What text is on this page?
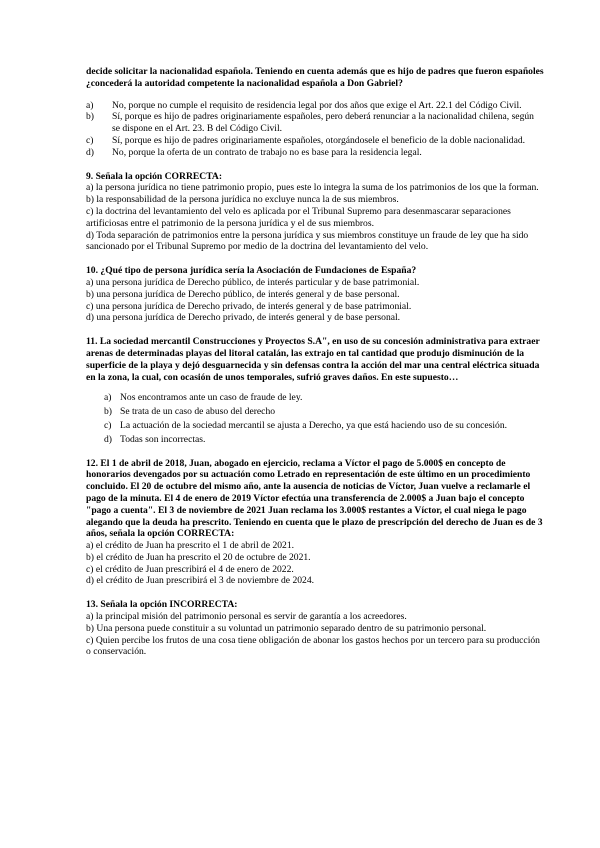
decide solicitar la nacionalidad española. Teniendo en cuenta además que es hijo de padres que fueron españoles ¿concederá la autoridad competente la nacionalidad española a Don Gabriel?

a)	No, porque no cumple el requisito de residencia legal por dos años que exige el Art. 22.1 del Código Civil.
b)	Sí, porque es hijo de padres originariamente españoles, pero deberá renunciar a la nacionalidad chilena, según se dispone en el Art. 23. B del Código Civil.
c)	Sí, porque es hijo de padres originariamente españoles, otorgándosele el beneficio de la doble nacionalidad.
d)	No, porque la oferta de un contrato de trabajo no es base para la residencia legal.

9. Señala la opción CORRECTA:

a) la persona jurídica no tiene patrimonio propio, pues este lo integra la suma de los patrimonios de los que la forman.

b) la responsabilidad de la persona jurídica no excluye nunca la de sus miembros.

c) la doctrina del levantamiento del velo es aplicada por el Tribunal Supremo para desenmascarar separaciones artificiosas entre el patrimonio de la persona jurídica y el de sus miembros.

d) Toda separación de patrimonios entre la persona jurídica y sus miembros constituye un fraude de ley que ha sido sancionado por el Tribunal Supremo por medio de la doctrina del levantamiento del velo.

10. ¿Qué tipo de persona jurídica sería la Asociación de Fundaciones de España?

a) una persona jurídica de Derecho público, de interés particular y de base patrimonial.

b) una persona jurídica de Derecho público, de interés general y de base personal.

c) una persona jurídica de Derecho privado, de interés general y de base patrimonial.

d) una persona jurídica de Derecho privado, de interés general y de base personal.

11. La sociedad mercantil Construcciones y Proyectos S.A", en uso de su concesión administrativa para extraer arenas de determinadas playas del litoral catalán, las extrajo en tal cantidad que produjo disminución de la superficie de la playa y dejó desguarnecida y sin defensas contra la acción del mar una central eléctrica situada en la zona, la cual, con ocasión de unos temporales, sufrió graves daños. En este supuesto…

a) Nos encontramos ante un caso de fraude de ley.
b) Se trata de un caso de abuso del derecho
c) La actuación de la sociedad mercantil se ajusta a Derecho, ya que está haciendo uso de su concesión.
d) Todas son incorrectas.

12. El 1 de abril de 2018, Juan, abogado en ejercicio, reclama a Víctor el pago de 5.000$ en concepto de honorarios devengados por su actuación como Letrado en representación de este último en un procedimiento concluido. El 20 de octubre del mismo año, ante la ausencia de noticias de Víctor, Juan vuelve a reclamarle el pago de la minuta. El 4 de enero de 2019 Víctor efectúa una transferencia de 2.000$ a Juan bajo el concepto "pago a cuenta". El 3 de noviembre de 2021 Juan reclama los 3.000$ restantes a Víctor, el cual niega le pago alegando que la deuda ha prescrito. Teniendo en cuenta que le plazo de prescripción del derecho de Juan es de 3 años, señala la opción CORRECTA:

a) el crédito de Juan ha prescrito el 1 de abril de 2021.

b) el crédito de Juan ha prescrito el 20 de octubre de 2021.

c) el crédito de Juan prescribirá el 4 de enero de 2022.

d) el crédito de Juan prescribirá el 3 de noviembre de 2024.

13. Señala la opción INCORRECTA:

a) la principal misión del patrimonio personal es servir de garantía a los acreedores.

b) Una persona puede constituir a su voluntad un patrimonio separado dentro de su patrimonio personal.

c) Quien percibe los frutos de una cosa tiene obligación de abonar los gastos hechos por un tercero para su producción o conservación.
